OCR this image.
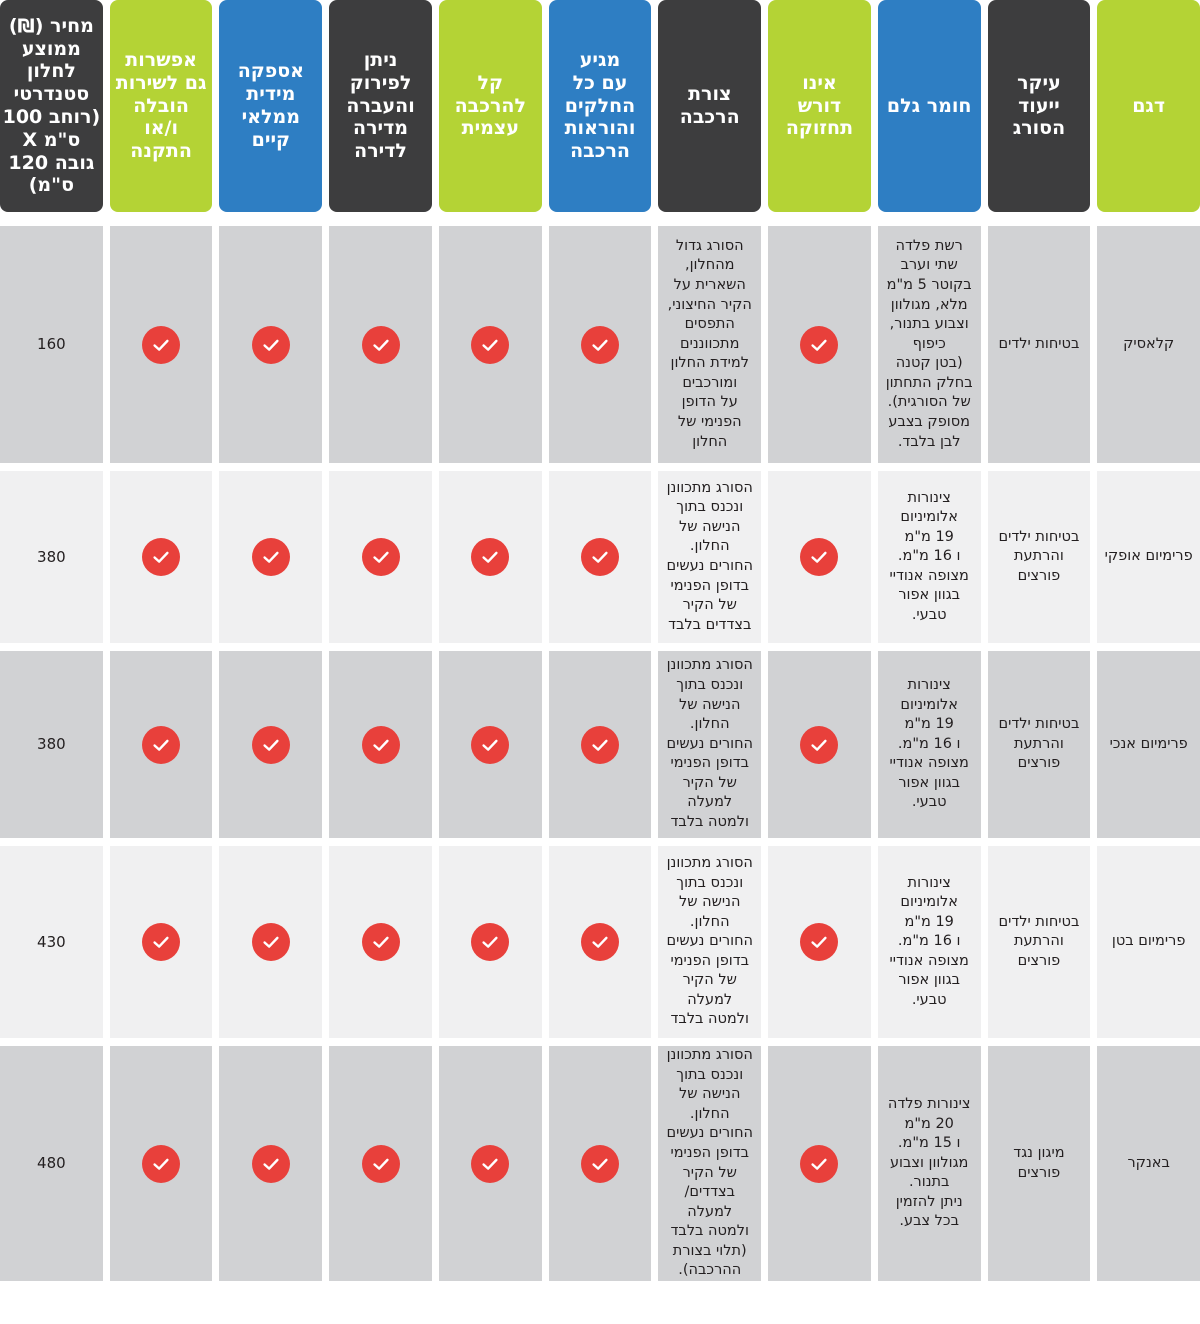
דגם
עיקר
ייעוד
הסורג
חומר גלם
אינו
דורש
תחזוקה
צורת
הרכבה
מגיע
עם כל
החלקים
והוראות
הרכבה
קל
להרכבה
עצמית
ניתן
לפירוק
והעברה
מדירה
לדירה
אספקה
מידית
ממלאי
קיים
אפשרות
גם לשירות
הובלה
ו/או
התקנה
מחיר (₪)
ממוצע
לחלון
סטנדרטי
(רוחב 100
ס"מ X
גובה 120
ס"מ)
קלאסיק
בטיחות ילדים
רשת פלדה
שתי וערב
בקוטר 5 מ"מ
מלא, מגולוון
וצבוע בתנור,
כיפוף
(בטן קטנה
בחלק התחתון
של הסורגית).
מסופק בצבע
לבן בלבד.
הסורג גדול
מהחלון,
השארית על
הקיר החיצוני,
התפסים
מתכווננים
למידת החלון
ומורכבים
על הדופן
הפנימי של
החלון
160
פרימיום אופקי
בטיחות ילדים
והרתעת
פורצים
צינורות
אלומיניום
19 מ"מ
ו 16 מ"מ.
מצופה אנודיי
בגוון אפור
טבעי.
הסורג מתכוונן
ונכנס בתוך
הנישה של
החלון.
החורים נעשים
בדופן הפנימי
של הקיר
בצדדים בלבד
380
פרימיום אנכי
בטיחות ילדים
והרתעת
פורצים
צינורות
אלומיניום
19 מ"מ
ו 16 מ"מ.
מצופה אנודיי
בגוון אפור
טבעי.
הסורג מתכוונן
ונכנס בתוך
הנישה של
החלון.
החורים נעשים
בדופן הפנימי
של הקיר
למעלה
ולמטה בלבד
380
פרימיום בטן
בטיחות ילדים
והרתעת
פורצים
צינורות
אלומיניום
19 מ"מ
ו 16 מ"מ.
מצופה אנודיי
בגוון אפור
טבעי.
הסורג מתכוונן
ונכנס בתוך
הנישה של
החלון.
החורים נעשים
בדופן הפנימי
של הקיר
למעלה
ולמטה בלבד
430
באנקר
מיגון נגד
פורצים
צינורות פלדה
20 מ"מ
ו 15 מ"מ.
מגולוון וצבוע
בתנור.
ניתן להזמין
בכל צבע.
הסורג מתכוונן
ונכנס בתוך
הנישה של
החלון.
החורים נעשים
בדופן הפנימי
של הקיר
בצדדים/
למעלה
ולמטה בלבד
(תלוי בצורת
ההרכבה).
480
